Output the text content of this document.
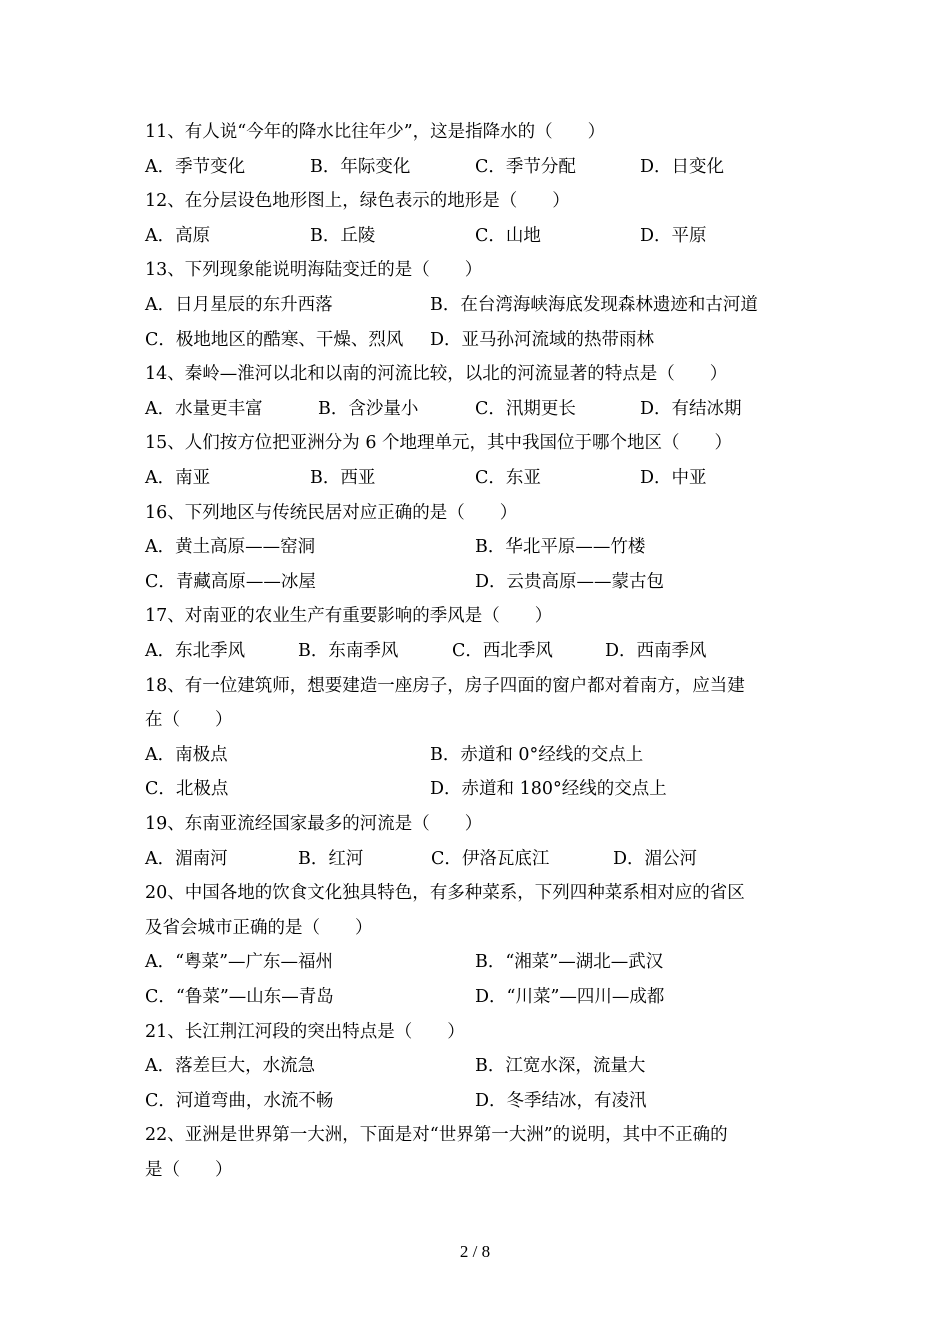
11、有人说“今年的降水比往年少”，这是指降水的（　　）
A．季节变化	B．年际变化	C．季节分配	D．日变化
12、在分层设色地形图上，绿色表示的地形是（　　）
A．高原	B．丘陵	C．山地	D．平原
13、下列现象能说明海陆变迁的是（　　）
A．日月星辰的东升西落	B．在台湾海峡海底发现森林遗迹和古河道
C．极地地区的酷寒、干燥、烈风 D．亚马孙河流域的热带雨林
14、秦岭—淮河以北和以南的河流比较，以北的河流显著的特点是（　　）
A．水量更丰富	B．含沙量小	C．汛期更长	D．有结冰期
15、人们按方位把亚洲分为 6 个地理单元，其中我国位于哪个地区（　　）
A．南亚	B．西亚	C．东亚	D．中亚
16、下列地区与传统民居对应正确的是（　　）
A．黄土高原——窑洞	B．华北平原——竹楼
C．青藏高原——冰屋	D．云贵高原——蒙古包
17、对南亚的农业生产有重要影响的季风是（　　）
A．东北季风	B．东南季风	C．西北季风	D．西南季风
18、有一位建筑师，想要建造一座房子，房子四面的窗户都对着南方，应当建
在（　　）
A．南极点	B．赤道和 0°经线的交点上
C．北极点	D．赤道和 180°经线的交点上
19、东南亚流经国家最多的河流是（　　）
A．湄南河	B．红河	C．伊洛瓦底江	D．湄公河
20、中国各地的饮食文化独具特色，有多种菜系，下列四种菜系相对应的省区
及省会城市正确的是（　　）
A．“粤菜”—广东—福州	B．“湘菜”—湖北—武汉
C．“鲁菜”—山东—青岛	D．“川菜”—四川—成都
21、长江荆江河段的突出特点是（　　）
A．落差巨大，水流急	B．江宽水深，流量大
C．河道弯曲，水流不畅	D．冬季结冰，有凌汛
22、亚洲是世界第一大洲，下面是对“世界第一大洲”的说明，其中不正确的
是（　　）
2 / 8
